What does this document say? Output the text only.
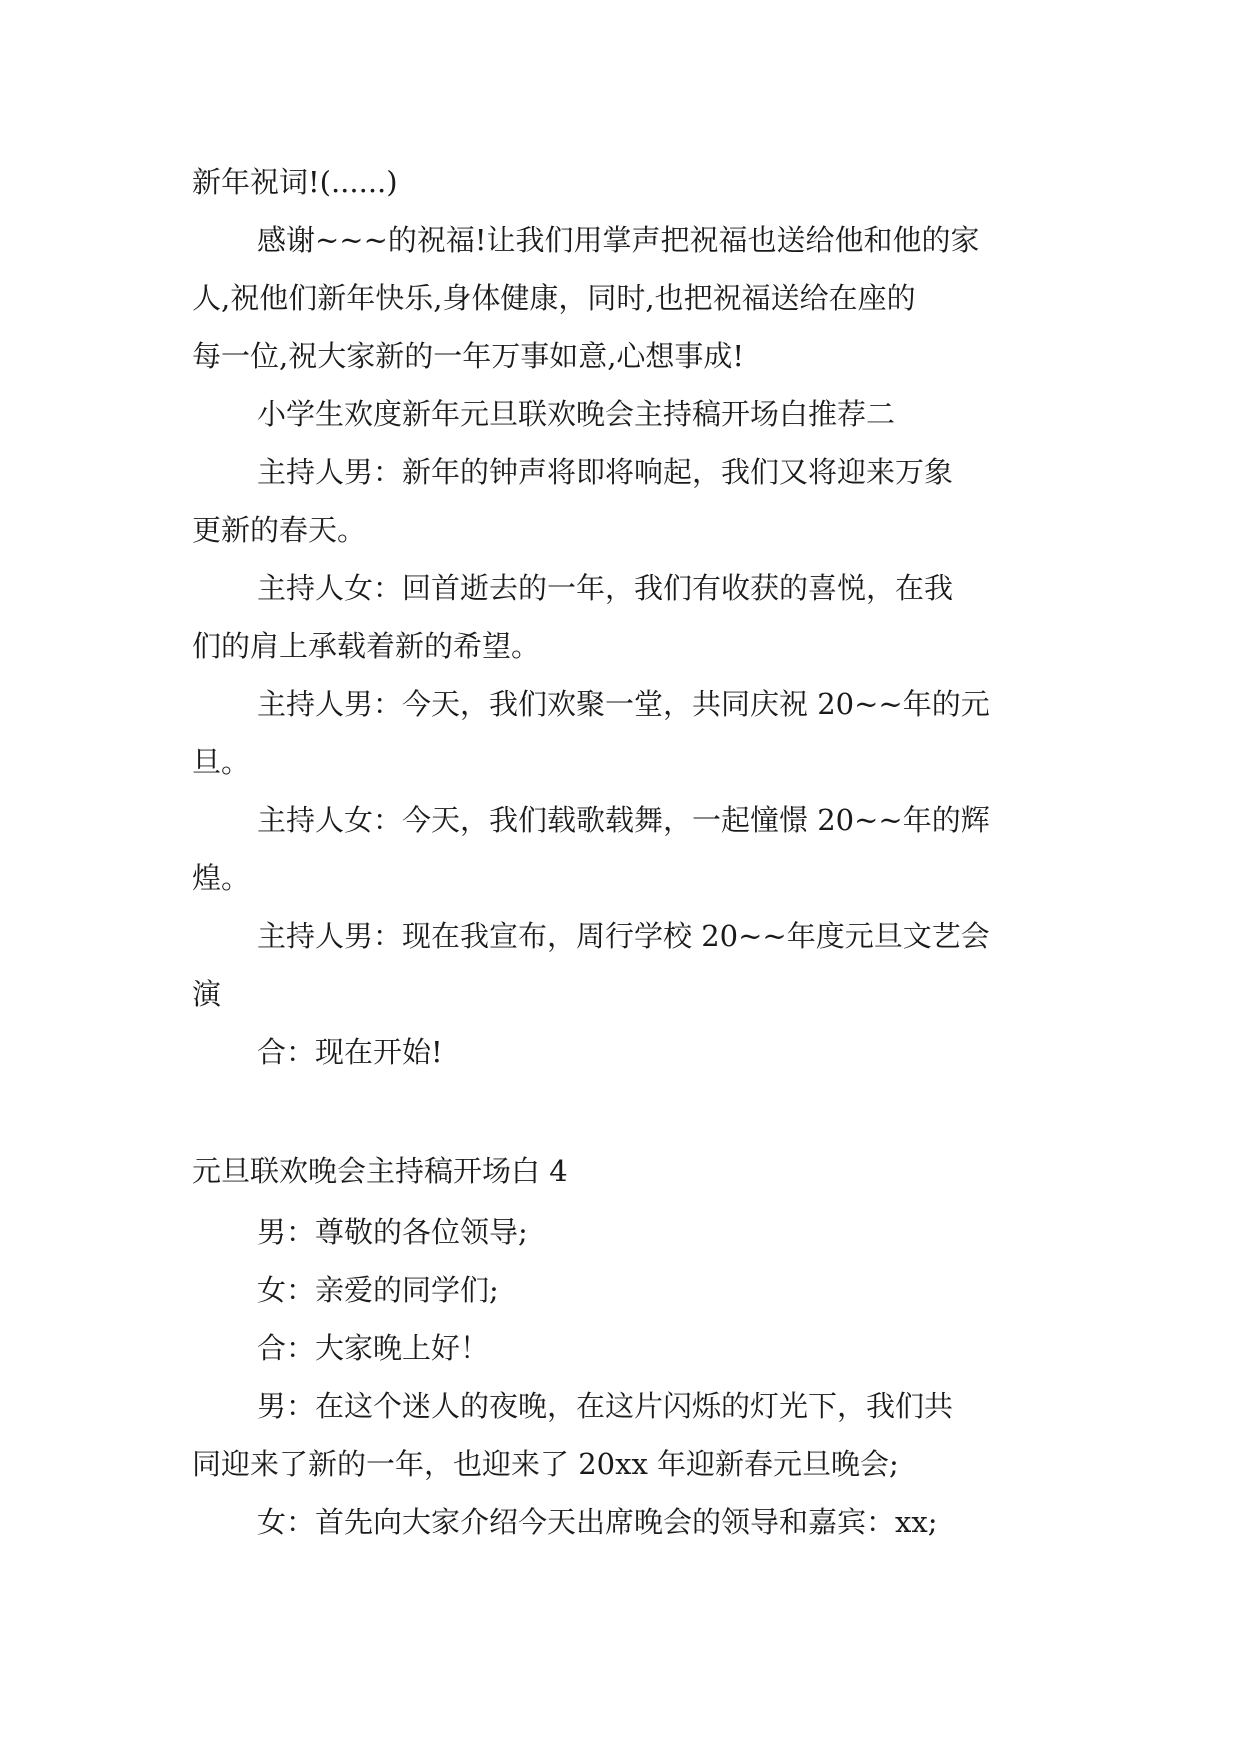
新年祝词!(......)
感谢~~~的祝福!让我们用掌声把祝福也送给他和他的家
人,祝他们新年快乐,身体健康，同时,也把祝福送给在座的
每一位,祝大家新的一年万事如意,心想事成!
小学生欢度新年元旦联欢晚会主持稿开场白推荐二
主持人男：新年的钟声将即将响起，我们又将迎来万象
更新的春天。
主持人女：回首逝去的一年，我们有收获的喜悦，在我
们的肩上承载着新的希望。
主持人男：今天，我们欢聚一堂，共同庆祝 20~~年的元
旦。
主持人女：今天，我们载歌载舞，一起憧憬 20~~年的辉
煌。
主持人男：现在我宣布，周行学校 20~~年度元旦文艺会
演
合：现在开始!
元旦联欢晚会主持稿开场白 4
男：尊敬的各位领导;
女：亲爱的同学们;
合：大家晚上好！
男：在这个迷人的夜晚，在这片闪烁的灯光下，我们共
同迎来了新的一年，也迎来了 20xx 年迎新春元旦晚会;
女：首先向大家介绍今天出席晚会的领导和嘉宾：xx;
